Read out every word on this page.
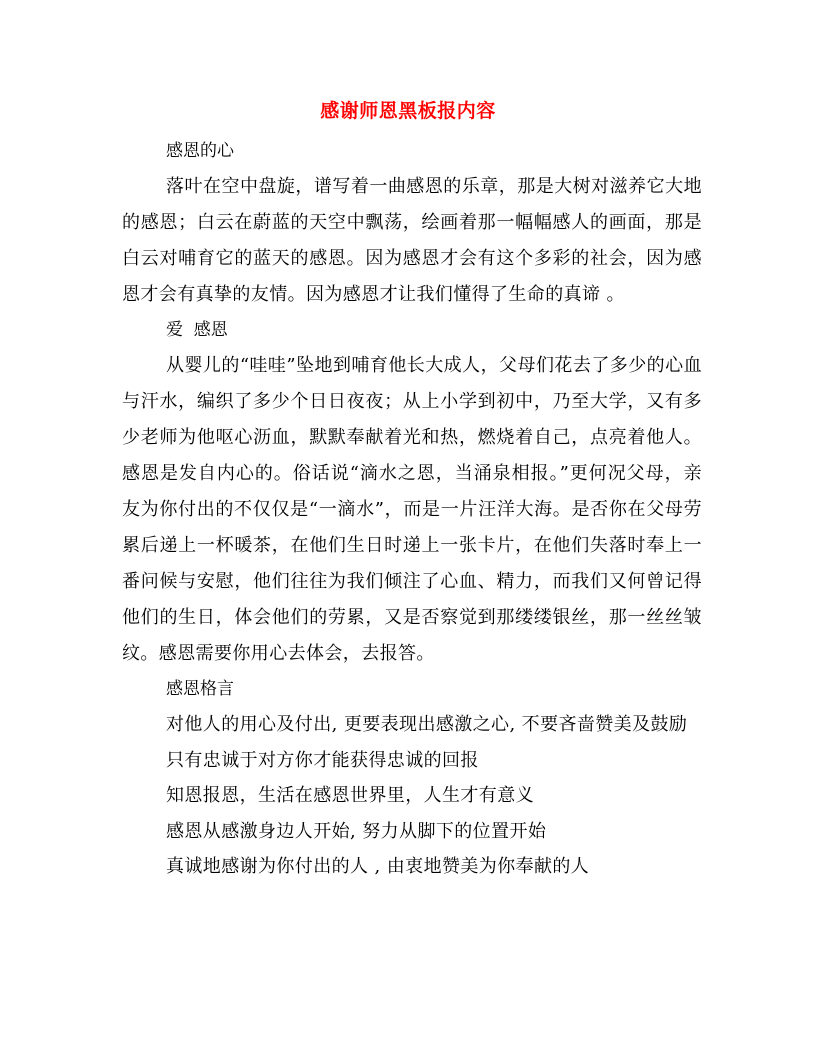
感谢师恩黑板报内容
感恩的心

落叶在空中盘旋，谱写着一曲感恩的乐章，那是大树对滋养它大地的感恩；白云在蔚蓝的天空中飘荡，绘画着那一幅幅感人的画面，那是白云对哺育它的蓝天的感恩。因为感恩才会有这个多彩的社会，因为感恩才会有真挚的友情。因为感恩才让我们懂得了生命的真谛 。

爱  感恩

从婴儿的“哇哇”坠地到哺育他长大成人，父母们花去了多少的心血与汗水，编织了多少个日日夜夜；从上小学到初中，乃至大学，又有多少老师为他呕心沥血，默默奉献着光和热，燃烧着自己，点亮着他人。感恩是发自内心的。俗话说“滴水之恩，当涌泉相报。”更何况父母，亲友为你付出的不仅仅是“一滴水”，而是一片汪洋大海。是否你在父母劳累后递上一杯暖茶，在他们生日时递上一张卡片，在他们失落时奉上一番问候与安慰，他们往往为我们倾注了心血、精力，而我们又何曾记得他们的生日，体会他们的劳累，又是否察觉到那缕缕银丝，那一丝丝皱纹。感恩需要你用心去体会，去报答。

感恩格言
对他人的用心及付出, 更要表现出感激之心, 不要吝啬赞美及鼓励
只有忠诚于对方你才能获得忠诚的回报
知恩报恩，生活在感恩世界里，人生才有意义
感恩从感激身边人开始, 努力从脚下的位置开始
真诚地感谢为你付出的人 , 由衷地赞美为你奉献的人
